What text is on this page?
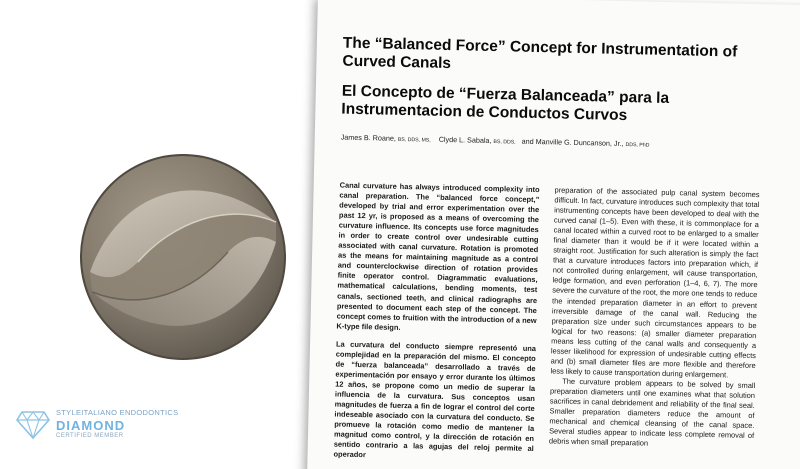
STYLEITALIANO ENDODONTICS
DIAMOND
CERTIFIED MEMBER
The “Balanced Force” Concept for Instrumentation of Curved Canals
El Concepto de “Fuerza Balanceada” para la Instrumentacion de Conductos Curvos
James B. Roane, BS, DDS, MS, Clyde L. Sabala, BS, DDS, and Manville G. Duncanson, Jr., DDS, PhD

Canal curvature has always introduced complexity into canal preparation. The “balanced force concept,” developed by trial and error experimentation over the past 12 yr, is proposed as a means of overcoming the curvature influence. Its concepts use force magnitudes in order to create control over undesirable cutting associated with canal curvature. Rotation is promoted as the means for maintaining magnitude as a control and counterclockwise direction of rotation provides finite operator control. Diagrammatic evaluations, mathematical calculations, bending moments, test canals, sectioned teeth, and clinical radiographs are presented to document each step of the concept. The concept comes to fruition with the introduction of a new K-type file design.

La curvatura del conducto siempre representó una complejidad en la preparación del mismo. El concepto de “fuerza balanceada” desarrollado a través de experimentación por ensayo y error durante los últimos 12 años, se propone como un medio de superar la influencia de la curvatura. Sus conceptos usan magnitudes de fuerza a fin de lograr el control del corte indeseable asociado con la curvatura del conducto. Se promueve la rotación como medio de mantener la magnitud como control, y la dirección de rotación en sentido contrario a las agujas del reloj permite al operador

preparation of the associated pulp canal system becomes difficult. In fact, curvature introduces such complexity that total instrumenting concepts have been developed to deal with the curved canal (1–5). Even with these, it is commonplace for a canal located within a curved root to be enlarged to a smaller final diameter than it would be if it were located within a straight root. Justification for such alteration is simply the fact that a curvature introduces factors into preparation which, if not controlled during enlargement, will cause transportation, ledge formation, and even perforation (1–4, 6, 7). The more severe the curvature of the root, the more one tends to reduce the intended preparation diameter in an effort to prevent irreversible damage of the canal wall. Reducing the preparation size under such circumstances appears to be logical for two reasons: (a) smaller diameter preparation means less cutting of the canal walls and consequently a lesser likelihood for expression of undesirable cutting effects and (b) small diameter files are more flexible and therefore less likely to cause transportation during enlargement.

The curvature problem appears to be solved by small preparation diameters until one examines what that solution sacrifices in canal debridement and reliability of the final seal. Smaller preparation diameters reduce the amount of mechanical and chemical cleansing of the canal space. Several studies appear to indicate less complete removal of debris when small preparation
